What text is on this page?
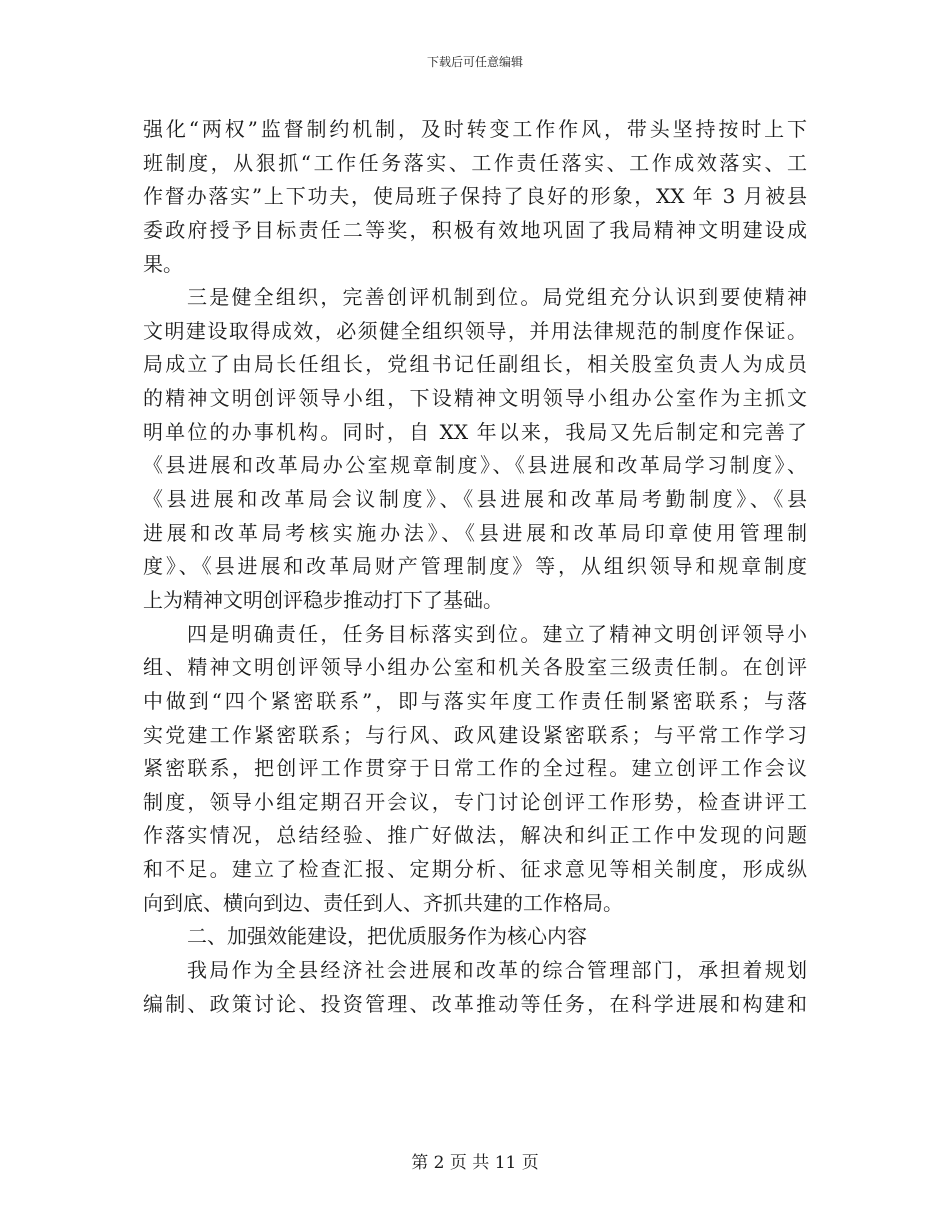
下载后可任意编辑
强化“两权”监督制约机制，及时转变工作作风，带头坚持按时上下
班制度，从狠抓“工作任务落实、工作责任落实、工作成效落实、工
作督办落实”上下功夫，使局班子保持了良好的形象，XX 年 3 月被县
委政府授予目标责任二等奖，积极有效地巩固了我局精神文明建设成
果。
三是健全组织，完善创评机制到位。局党组充分认识到要使精神
文明建设取得成效，必须健全组织领导，并用法律规范的制度作保证。
局成立了由局长任组长，党组书记任副组长，相关股室负责人为成员
的精神文明创评领导小组，下设精神文明领导小组办公室作为主抓文
明单位的办事机构。同时，自 XX 年以来，我局又先后制定和完善了
《县进展和改革局办公室规章制度》、《县进展和改革局学习制度》、
《县进展和改革局会议制度》、《县进展和改革局考勤制度》、《县
进展和改革局考核实施办法》、《县进展和改革局印章使用管理制
度》、《县进展和改革局财产管理制度》等，从组织领导和规章制度
上为精神文明创评稳步推动打下了基础。
四是明确责任，任务目标落实到位。建立了精神文明创评领导小
组、精神文明创评领导小组办公室和机关各股室三级责任制。在创评
中做到“四个紧密联系”，即与落实年度工作责任制紧密联系；与落
实党建工作紧密联系；与行风、政风建设紧密联系；与平常工作学习
紧密联系，把创评工作贯穿于日常工作的全过程。建立创评工作会议
制度，领导小组定期召开会议，专门讨论创评工作形势，检查讲评工
作落实情况，总结经验、推广好做法，解决和纠正工作中发现的问题
和不足。建立了检查汇报、定期分析、征求意见等相关制度，形成纵
向到底、横向到边、责任到人、齐抓共建的工作格局。
二、加强效能建设，把优质服务作为核心内容
我局作为全县经济社会进展和改革的综合管理部门，承担着规划
编制、政策讨论、投资管理、改革推动等任务，在科学进展和构建和
第 2 页 共 11 页
